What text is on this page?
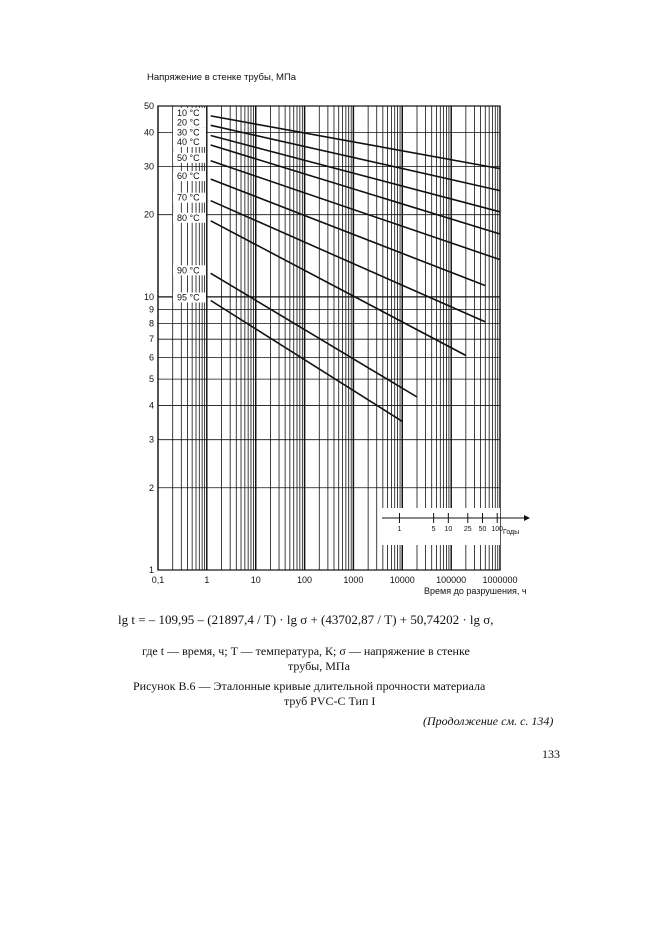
1
2
3
4
5
6
7
8
9
10
20
30
40
50
0,1	1	10	100	1000	10000 100000 1000000
1	5 10 25 50 100 Годы
10 °C
20 °C
30 °C
40 °C
50 °C
60 °C
70 °C
80 °C
90 °C
95 °C
Напряжение в стенке трубы, МПа
Время до разрушения, ч
lg t = – 109,95 – (21897,4 / T) · lg σ + (43702,87 / T) + 50,74202 · lg σ,
где t — время, ч; T — температура, К; σ — напряжение в стенке
трубы, МПа
Рисунок В.6 — Эталонные кривые длительной прочности материала
труб PVC-C Тип I
(Продолжение см. с. 134)
133
